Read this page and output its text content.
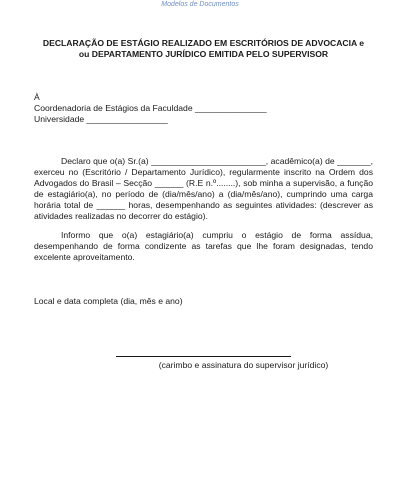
Modelos de Documentos

DECLARAÇÃO DE ESTÁGIO REALIZADO EM ESCRITÓRIOS DE ADVOCACIA e

ou DEPARTAMENTO JURÍDICO EMITIDA PELO SUPERVISOR

À
Coordenadoria de Estágios da Faculdade _______________
Universidade _________________

Declaro que o(a) Sr.(a) ________________________, acadêmico(a) de _______, exerceu no (Escritório / Departamento Jurídico), regularmente inscrito na Ordem dos Advogados do Brasil – Secção ______ (R.E n.º........), sob minha a supervisão, a função de estagiário(a), no período de (dia/mês/ano) a (dia/mês/ano), cumprindo uma carga horária total de ______ horas, desempenhando as seguintes atividades: (descrever as atividades realizadas no decorrer do estágio).

Informo que o(a) estagiário(a) cumpriu o estágio de forma assídua, desempenhando de forma condizente as tarefas que lhe foram designadas, tendo excelente aproveitamento.

Local e data completa (dia, mês e ano)
(carimbo e assinatura do supervisor jurídico)
